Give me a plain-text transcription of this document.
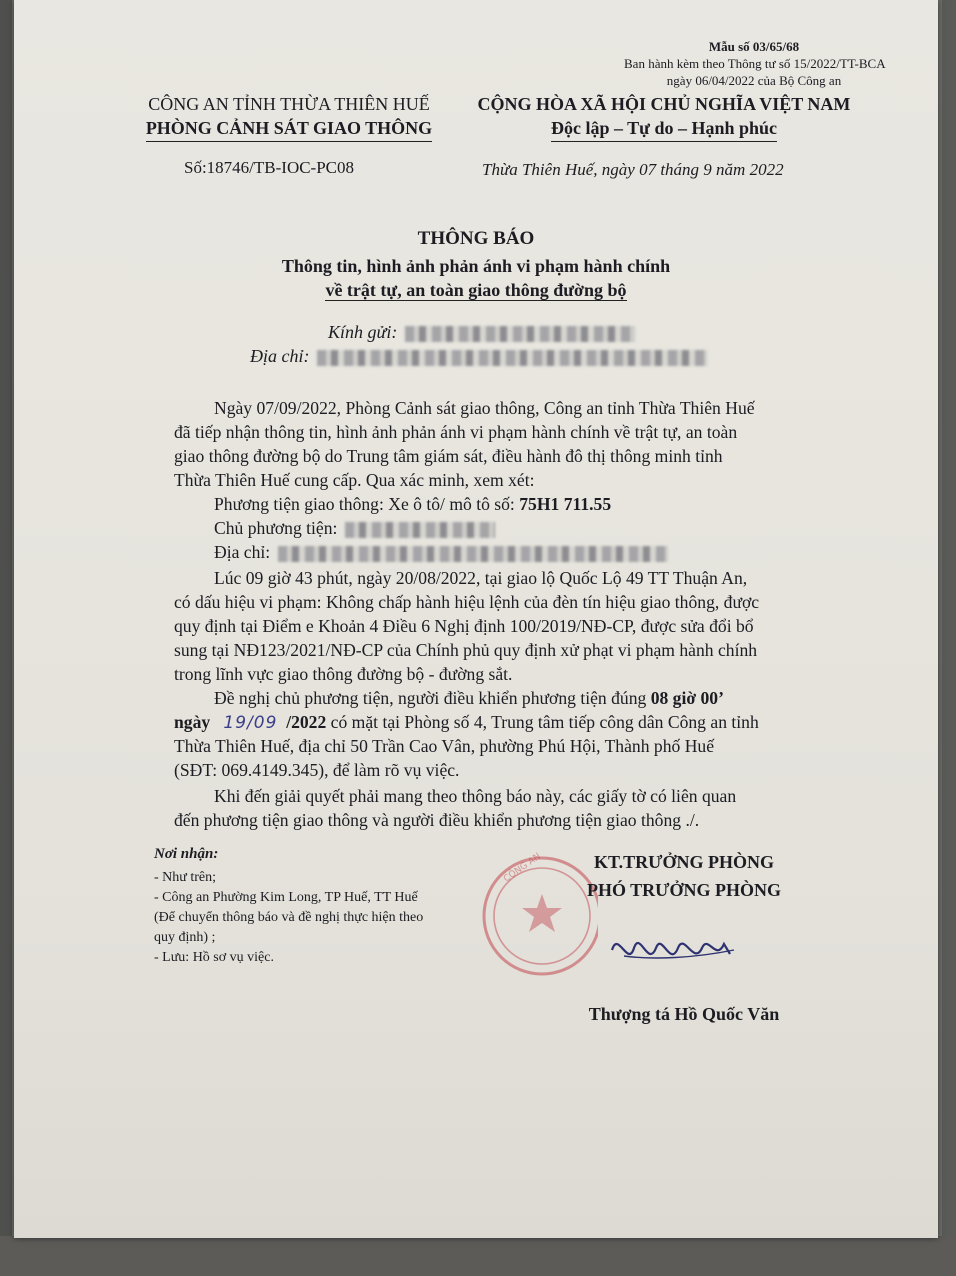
Mẫu số 03/65/68
Ban hành kèm theo Thông tư số 15/2022/TT-BCA
ngày 06/04/2022 của Bộ Công an
CÔNG AN TỈNH THỪA THIÊN HUẾ
PHÒNG CẢNH SÁT GIAO THÔNG
CỘNG HÒA XÃ HỘI CHỦ NGHĨA VIỆT NAM
Độc lập – Tự do – Hạnh phúc
Số:18746/TB-IOC-PC08	Thừa Thiên Huế, ngày 07 tháng 9 năm 2022
THÔNG BÁO
Thông tin, hình ảnh phản ánh vi phạm hành chính
về trật tự, an toàn giao thông đường bộ
Kính gửi:
Địa chỉ:
Ngày 07/09/2022, Phòng Cảnh sát giao thông, Công an tỉnh Thừa Thiên Huế
đã tiếp nhận thông tin, hình ảnh phản ánh vi phạm hành chính về trật tự, an toàn
giao thông đường bộ do Trung tâm giám sát, điều hành đô thị thông minh tỉnh
Thừa Thiên Huế cung cấp. Qua xác minh, xem xét:
Phương tiện giao thông: Xe ô tô/ mô tô số: 75H1 711.55
Chủ phương tiện:
Địa chỉ:
Lúc 09 giờ 43 phút, ngày 20/08/2022, tại giao lộ Quốc Lộ 49 TT Thuận An,
có dấu hiệu vi phạm: Không chấp hành hiệu lệnh của đèn tín hiệu giao thông, được
quy định tại Điểm e Khoản 4 Điều 6 Nghị định 100/2019/NĐ-CP, được sửa đổi bổ
sung tại NĐ123/2021/NĐ-CP của Chính phủ quy định xử phạt vi phạm hành chính
trong lĩnh vực giao thông đường bộ - đường sắt.
Đề nghị chủ phương tiện, người điều khiển phương tiện đúng 08 giờ 00’
ngày 19/09 /2022 có mặt tại Phòng số 4, Trung tâm tiếp công dân Công an tỉnh
Thừa Thiên Huế, địa chỉ 50 Trần Cao Vân, phường Phú Hội, Thành phố Huế
(SĐT: 069.4149.345), để làm rõ vụ việc.
Khi đến giải quyết phải mang theo thông báo này, các giấy tờ có liên quan
đến phương tiện giao thông và người điều khiển phương tiện giao thông ./.
Nơi nhận:
- Như trên;
- Công an Phường Kim Long, TP Huế, TT Huế
(Để chuyển thông báo và đề nghị thực hiện theo
quy định) ;
- Lưu: Hồ sơ vụ việc.
CÔNG AN	KT.TRƯỞNG PHÒNG
PHÓ TRƯỞNG PHÒNG
Thượng tá Hồ Quốc Văn
